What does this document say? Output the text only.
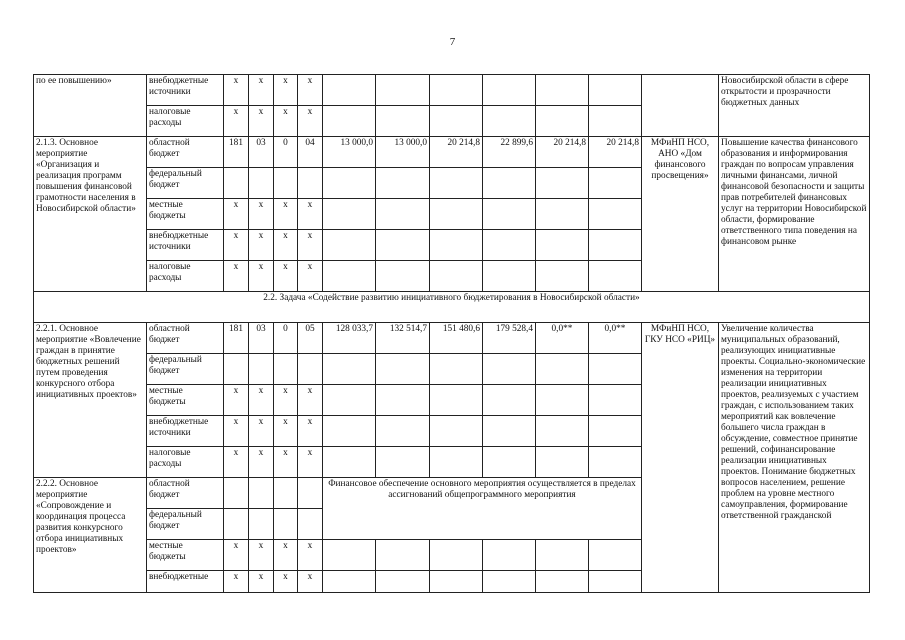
7
по ее повышению»	внебюджетные источники	x	x	x	x								Новосибирской области в сфере открытости и прозрачности бюджетных данных
	налоговые расходы	x	x	x	x								
2.1.3. Основное мероприятие «Организация и реализация программ повышения финансовой грамотности населения в Новосибирской области»	областной бюджет	181	03	0	04	13 000,0	13 000,0	20 214,8	22 899,6	20 214,8	20 214,8	МФиНП НСО, АНО «Дом финансового просвещения»	Повышение качества финансового образования и информирования граждан по вопросам управления личными финансами, личной финансовой безопасности и защиты прав потребителей финансовых услуг на территории Новосибирской области, формирование ответственного типа поведения на финансовом рынке
	федеральный бюджет												
	местные бюджеты	x	x	x	x								
	внебюджетные источники	x	x	x	x								
	налоговые расходы	x	x	x	x								
2.2. Задача «Содействие развитию инициативного бюджетирования в Новосибирской области»													
2.2.1. Основное мероприятие «Вовлечение граждан в принятие бюджетных решений путем проведения конкурсного отбора инициативных проектов»	областной бюджет	181	03	0	05	128 033,7	132 514,7	151 480,6	179 528,4	0,0**	0,0**	МФиНП НСО, ГКУ НСО «РИЦ»	Увеличение количества муниципальных образований, реализующих инициативные проекты. Социально-экономические изменения на территории реализации инициативных проектов, реализуемых с участием граждан, с использованием таких мероприятий как вовлечение большего числа граждан в обсуждение, совместное принятие решений, софинансирование реализации инициативных проектов. Понимание бюджетных вопросов населением, решение проблем на уровне местного самоуправления, формирование ответственной гражданской
	федеральный бюджет												
	местные бюджеты	x	x	x	x								
	внебюджетные источники	x	x	x	x								
	налоговые расходы	x	x	x	x								
2.2.2. Основное мероприятие «Сопровождение и координация процесса развития конкурсного отбора инициативных проектов»	областной бюджет					Финансовое обеспечение основного мероприятия осуществляется в пределах ассигнований общепрограммного мероприятия							
	федеральный бюджет												
	местные бюджеты	x	x	x	x								
	внебюджетные	x	x	x	x								
